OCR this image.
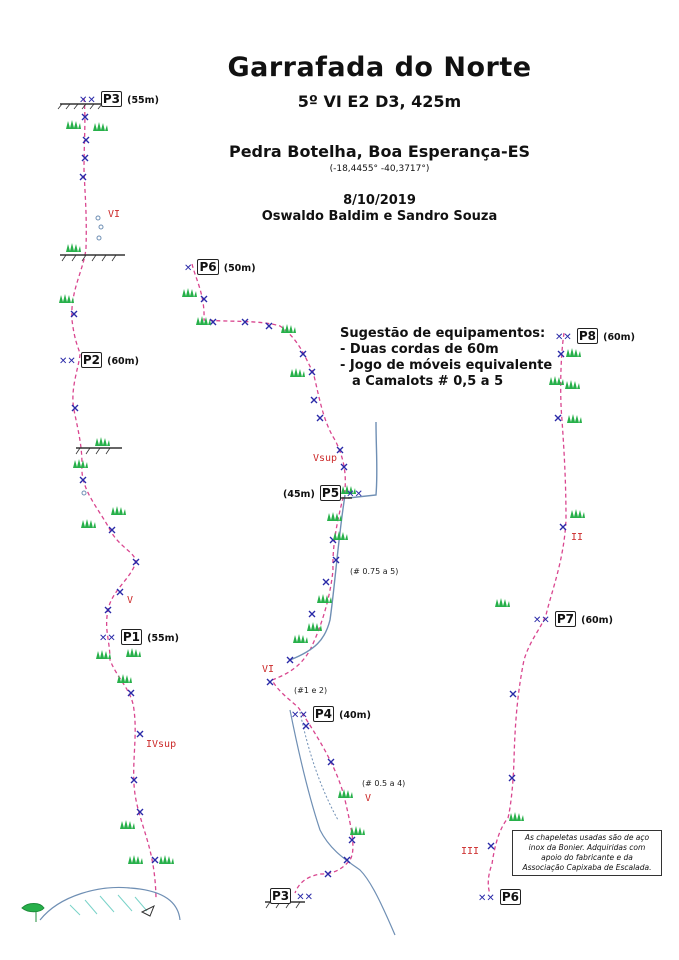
Garrafada do Norte
5º VI E2 D3, 425m
Pedra Botelha, Boa Esperança-ES
(-18,4455° -40,3717°)
8/10/2019
Oswaldo Baldim e Sandro Souza
Sugestão de equipamentos:
- Duas cordas de 60m
- Jogo de móveis equivalente
a Camalots # 0,5 a 5
✕✕ P3 (55m)
✕✕ P2 (60m)
✕✕ P1 (55m)
✕ P6 (50m)
(45m) P5 ✕✕
✕✕ P4 (40m)
P3 ✕✕
✕✕ P8 (60m)
✕✕ P7 (60m)
✕✕ P6
VI
V
IVsup
Vsup
VI
V
II
III
(# 0.75 a 5)
(#1 e 2)
(# 0.5 a 4)
As chapeletas usadas são de aço
inox da Bonier. Adquiridas com
apoio do fabricante e da
Associação Capixaba de Escalada.
